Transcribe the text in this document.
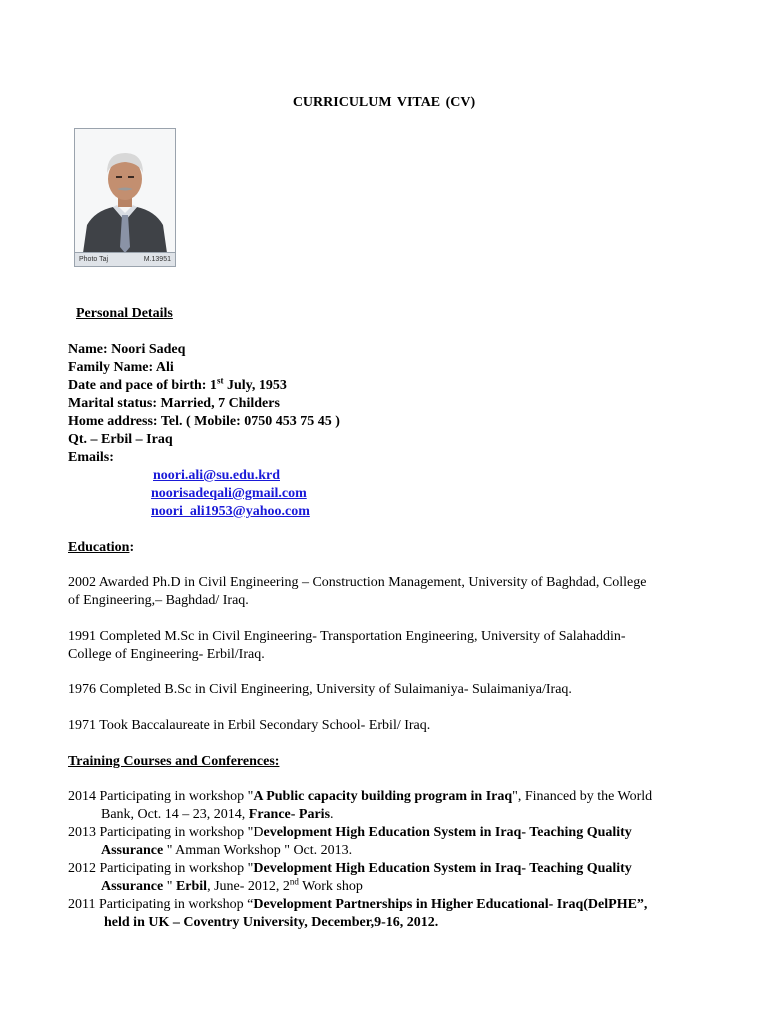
CURRICULUM VITAE (CV)
Photo Taj	M.13951
Personal Details
Name: Noori Sadeq
Family Name: Ali
Date and pace of birth: 1st July, 1953
Marital status: Married, 7 Childers
Home address: Tel. ( Mobile: 0750 453 75 45 )
Qt. – Erbil – Iraq
Emails:
noori.ali@su.edu.krd
noorisadeqali@gmail.com
noori_ali1953@yahoo.com
Education:
2002 Awarded Ph.D in Civil Engineering – Construction Management, University of Baghdad, College
of Engineering,– Baghdad/ Iraq.
1991 Completed M.Sc in Civil Engineering- Transportation Engineering, University of Salahaddin-
College of Engineering- Erbil/Iraq.
1976 Completed B.Sc in Civil Engineering, University of Sulaimaniya- Sulaimaniya/Iraq.
1971 Took Baccalaureate in Erbil Secondary School- Erbil/ Iraq.
Training Courses and Conferences:
2014 Participating in workshop "A Public capacity building program in Iraq", Financed by the World
Bank, Oct. 14 – 23, 2014, France- Paris.
2013 Participating in workshop "Development High Education System in Iraq- Teaching Quality
Assurance " Amman Workshop " Oct. 2013.
2012 Participating in workshop "Development High Education System in Iraq- Teaching Quality
Assurance " Erbil, June- 2012, 2nd Work shop
2011 Participating in workshop “Development Partnerships in Higher Educational- Iraq(DelPHE”,
held in UK – Coventry University, December,9-16, 2012.
